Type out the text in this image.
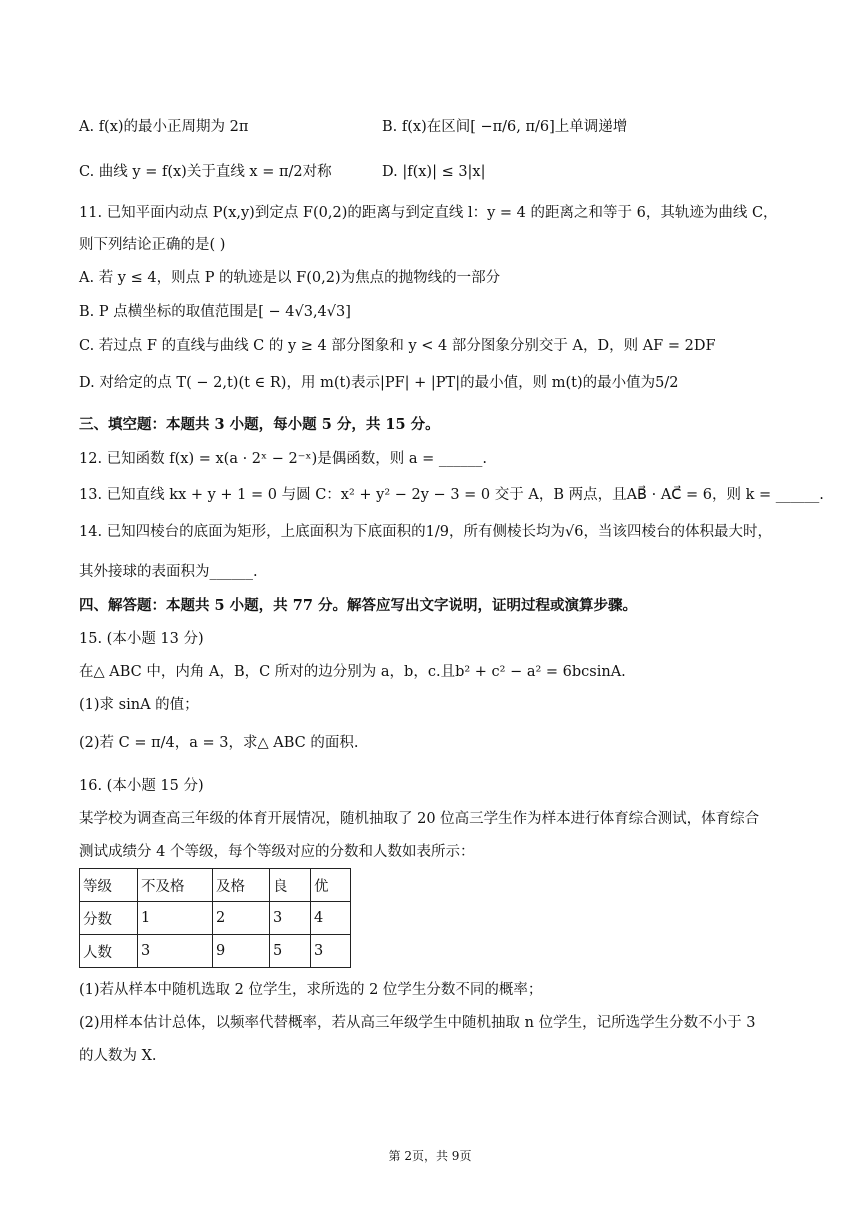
A. f(x)的最小正周期为 2π	B. f(x)在区间[ −π/6, π/6]上单调递增
C. 曲线 y = f(x)关于直线 x = π/2对称	D. |f(x)| ≤ 3|x|
11. 已知平面内动点 P(x,y)到定点 F(0,2)的距离与到定直线 l：y = 4 的距离之和等于 6，其轨迹为曲线 C，
则下列结论正确的是( )
A. 若 y ≤ 4，则点 P 的轨迹是以 F(0,2)为焦点的抛物线的一部分
B. P 点横坐标的取值范围是[ − 4√3,4√3]
C. 若过点 F 的直线与曲线 C 的 y ≥ 4 部分图象和 y < 4 部分图象分别交于 A，D，则 AF = 2DF
D. 对给定的点 T( − 2,t)(t ∈ R)，用 m(t)表示|PF| + |PT|的最小值，则 m(t)的最小值为5/2
三、填空题：本题共 3 小题，每小题 5 分，共 15 分。
12. 已知函数 f(x) = x(a · 2ˣ − 2⁻ˣ)是偶函数，则 a = ______.
13. 已知直线 kx + y + 1 = 0 与圆 C：x² + y² − 2y − 3 = 0 交于 A，B 两点，且AB⃗ · AC⃗ = 6，则 k = ______.
14. 已知四棱台的底面为矩形，上底面积为下底面积的1/9，所有侧棱长均为√6，当该四棱台的体积最大时，
其外接球的表面积为______.
四、解答题：本题共 5 小题，共 77 分。解答应写出文字说明，证明过程或演算步骤。
15. (本小题 13 分)
在△ ABC 中，内角 A，B，C 所对的边分别为 a，b，c.且b² + c² − a² = 6bcsinA.
(1)求 sinA 的值；
(2)若 C = π/4，a = 3，求△ ABC 的面积.
16. (本小题 15 分)
某学校为调查高三年级的体育开展情况，随机抽取了 20 位高三学生作为样本进行体育综合测试，体育综合
测试成绩分 4 个等级，每个等级对应的分数和人数如表所示：
等级	不及格	及格	良	优
分数	1	2	3	4
人数	3	9	5	3
(1)若从样本中随机选取 2 位学生，求所选的 2 位学生分数不同的概率；
(2)用样本估计总体，以频率代替概率，若从高三年级学生中随机抽取 n 位学生，记所选学生分数不小于 3
的人数为 X.
第 2页，共 9页
